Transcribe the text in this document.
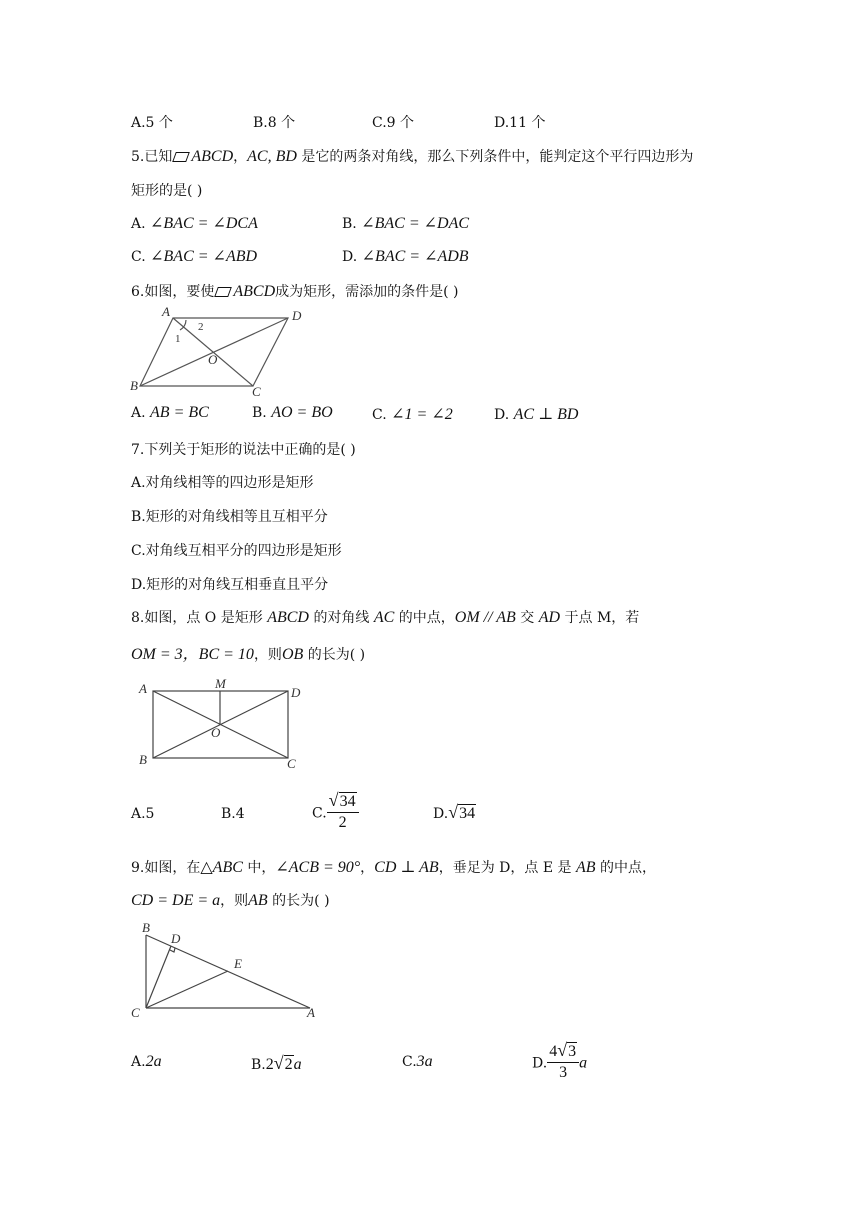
A.5 个	B.8 个	C.9 个	D.11 个
5.已知 ABCD，AC, BD 是它的两条对角线，那么下列条件中，能判定这个平行四边形为
矩形的是( )
A. ∠BAC = ∠DCA	B. ∠BAC = ∠DAC
C. ∠BAC = ∠ABD	D. ∠BAC = ∠ADB
6.如图，要使 ABCD成为矩形，需添加的条件是( )
A	D
B	C
O
1
2
A. AB = BC	B. AO = BO	C. ∠1 = ∠2	D. AC ⊥ BD
7.下列关于矩形的说法中正确的是( )
A.对角线相等的四边形是矩形
B.矩形的对角线相等且互相平分
C.对角线互相平分的四边形是矩形
D.矩形的对角线互相垂直且平分
8.如图，点 O 是矩形 ABCD 的对角线 AC 的中点，OM // AB 交 AD 于点 M，若
OM = 3，BC = 10，则OB 的长为( )
A	M
D
B	C
O
A.5	B.4	C. $\frac{√34}{2}$	D.√34
9.如图，在△ABC 中，∠ACB = 90°，CD ⊥ AB，垂足为 D，点 E 是 AB 的中点，
CD = DE = a，则AB 的长为( )
B
D
E
C	A
A.2a	B.2√2a	C.3a	D. $\frac{4√3}{3}$ a
